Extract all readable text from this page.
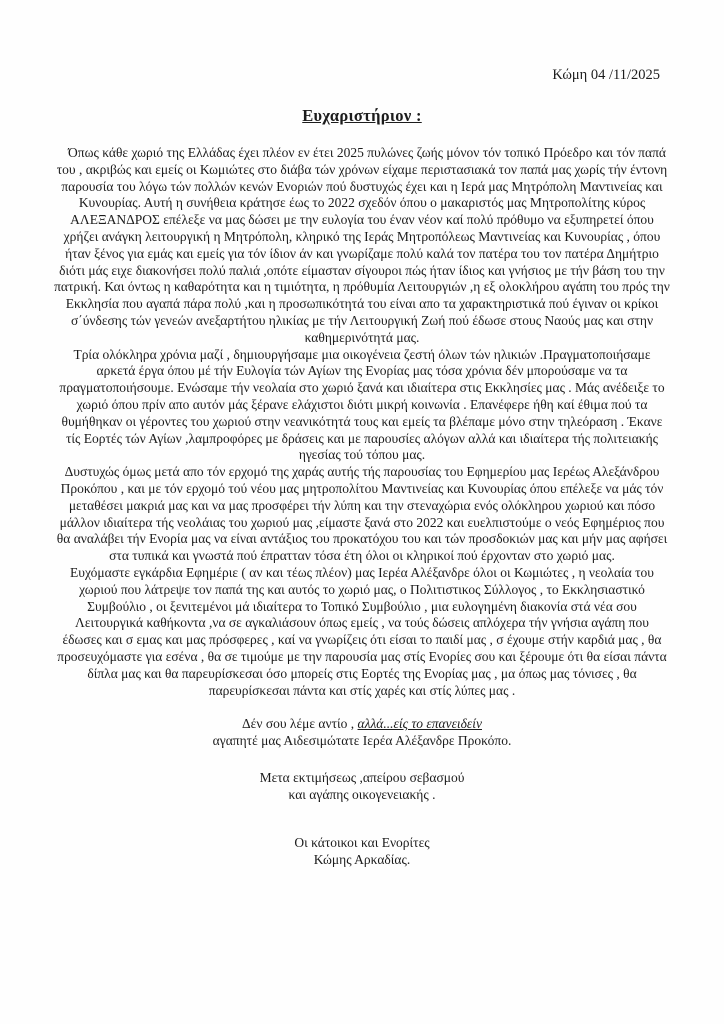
Κώμη 04 /11/2025
Ευχαριστήριον :

Όπως κάθε χωριό της Ελλάδας έχει πλέον εν έτει 2025 πυλώνες ζωής μόνον τόν τοπικό Πρόεδρο και τόν παπά του , ακριβώς και εμείς οι Κωμιώτες στο διάβα τών χρόνων είχαμε περιστασιακά τον παπά μας χωρίς τήν έντονη παρουσία του λόγω τών πολλών κενών Ενοριών πού δυστυχώς έχει και η Ιερά μας Μητρόπολη Μαντινείας και Κυνουρίας. Αυτή η συνήθεια κράτησε έως το 2022 σχεδόν όπου ο μακαριστός μας Μητροπολίτης κύρος ΑΛΕΞΑΝΔΡΟΣ επέλεξε να μας δώσει με την ευλογία του έναν νέον καί πολύ πρόθυμο να εξυπηρετεί όπου χρήζει ανάγκη λειτουργική η Μητρόπολη, κληρικό της Ιεράς Μητροπόλεως Μαντινείας και Κυνουρίας , όπου ήταν ξένος για εμάς και εμείς για τόν ίδιον άν και γνωρίζαμε πολύ καλά τον πατέρα του τον πατέρα Δημήτριο διότι μάς ειχε διακονήσει πολύ παλιά ,οπότε είμασταν σίγουροι πώς ήταν ίδιος και γνήσιος με τήν βάση του την πατρική. Και όντως η καθαρότητα και η τιμιότητα, η πρόθυμία Λειτουργιών ,η εξ ολοκλήρου αγάπη του πρός την Εκκλησία που αγαπά πάρα πολύ ,και η προσωπικότητά του είναι απο τα χαρακτηριστικά πού έγιναν οι κρίκοι σ΄ύνδεσης τών γενεών ανεξαρτήτου ηλικίας με τήν Λειτουργική Ζωή πού έδωσε στους Ναούς μας και στην καθημερινότητά μας.

Τρία ολόκληρα χρόνια μαζί , δημιουργήσαμε μια οικογένεια ζεστή όλων τών ηλικιών .Πραγματοποιήσαμε αρκετά έργα όπου μέ τήν Ευλογία τών Αγίων της Ενορίας μας τόσα χρόνια δέν μπορούσαμε να τα πραγματοποιήσουμε. Ενώσαμε τήν νεολαία στο χωριό ξανά και ιδιαίτερα στις Εκκλησίες μας . Μάς ανέδειξε το χωριό όπου πρίν απο αυτόν μάς ξέρανε ελάχιστοι διότι μικρή κοινωνία . Επανέφερε ήθη καί έθιμα πού τα θυμήθηκαν οι γέροντες του χωριού στην νεανικότητά τους και εμείς τα βλέπαμε μόνο στην τηλεόραση . Έκανε τίς Εορτές τών Αγίων ,λαμπροφόρες με δράσεις και με παρουσίες αλόγων αλλά και ιδιαίτερα τής πολιτειακής ηγεσίας τού τόπου μας.

Δυστυχώς όμως μετά απο τόν ερχομό της χαράς αυτής τής παρουσίας του Εφημερίου μας Ιερέως Αλεξάνδρου Προκόπου , και με τόν ερχομό τού νέου μας μητροπολίτου Μαντινείας και Κυνουρίας όπου επέλεξε να μάς τόν μεταθέσει μακριά μας και να μας προσφέρει τήν λύπη και την στεναχώρια ενός ολόκληρου χωριού και πόσο μάλλον ιδιαίτερα τής νεολάιας του χωριού μας ,είμαστε ξανά στο 2022 και ευελπιστούμε ο νεός Εφημέριος που θα αναλάβει τήν Ενορία μας να είναι αντάξιος του προκατόχου του και τών προσδοκιών μας και μήν μας αφήσει στα τυπικά και γνωστά πού έπρατταν τόσα έτη όλοι οι κληρικοί πού έρχονταν στο χωριό μας.

Ευχόμαστε εγκάρδια Εφημέριε ( αν και τέως πλέον) μας Ιερέα Αλέξανδρε όλοι οι Κωμιώτες , η νεολαία του χωριού που λάτρεψε τον παπά της και αυτός το χωριό μας, ο Πολιτιστικος Σύλλογος , το Εκκλησιαστικό Συμβούλιο , οι ξενιτεμένοι μά ιδιαίτερα το Τοπικό Συμβούλιο , μια ευλογημένη διακονία στά νέα σου Λειτουργικά καθήκοντα ,να σε αγκαλιάσουν όπως εμείς , να τούς δώσεις απλόχερα τήν γνήσια αγάπη που έδωσες και σ εμας και μας πρόσφερες , καί να γνωρίζεις ότι είσαι το παιδί μας , σ έχουμε στήν καρδιά μας , θα προσευχόμαστε για εσένα , θα σε τιμούμε με την παρουσία μας στίς Ενορίες σου και ξέρουμε ότι θα είσαι πάντα δίπλα μας και θα παρευρίσκεσαι όσο μπορείς στις Εορτές της Ενορίας μας , μα όπως μας τόνισες , θα παρευρίσκεσαι πάντα και στίς χαρές και στίς λύπες μας .

Δέν σου λέμε αντίο , αλλά...είς το επανειδείν
αγαπητέ μας Αιδεσιμώτατε Ιερέα Αλέξανδρε Προκόπο.
Μετα εκτιμήσεως ,απείρου σεβασμού
και αγάπης οικογενειακής .
Οι κάτοικοι και Ενορίτες
Κώμης Αρκαδίας.
